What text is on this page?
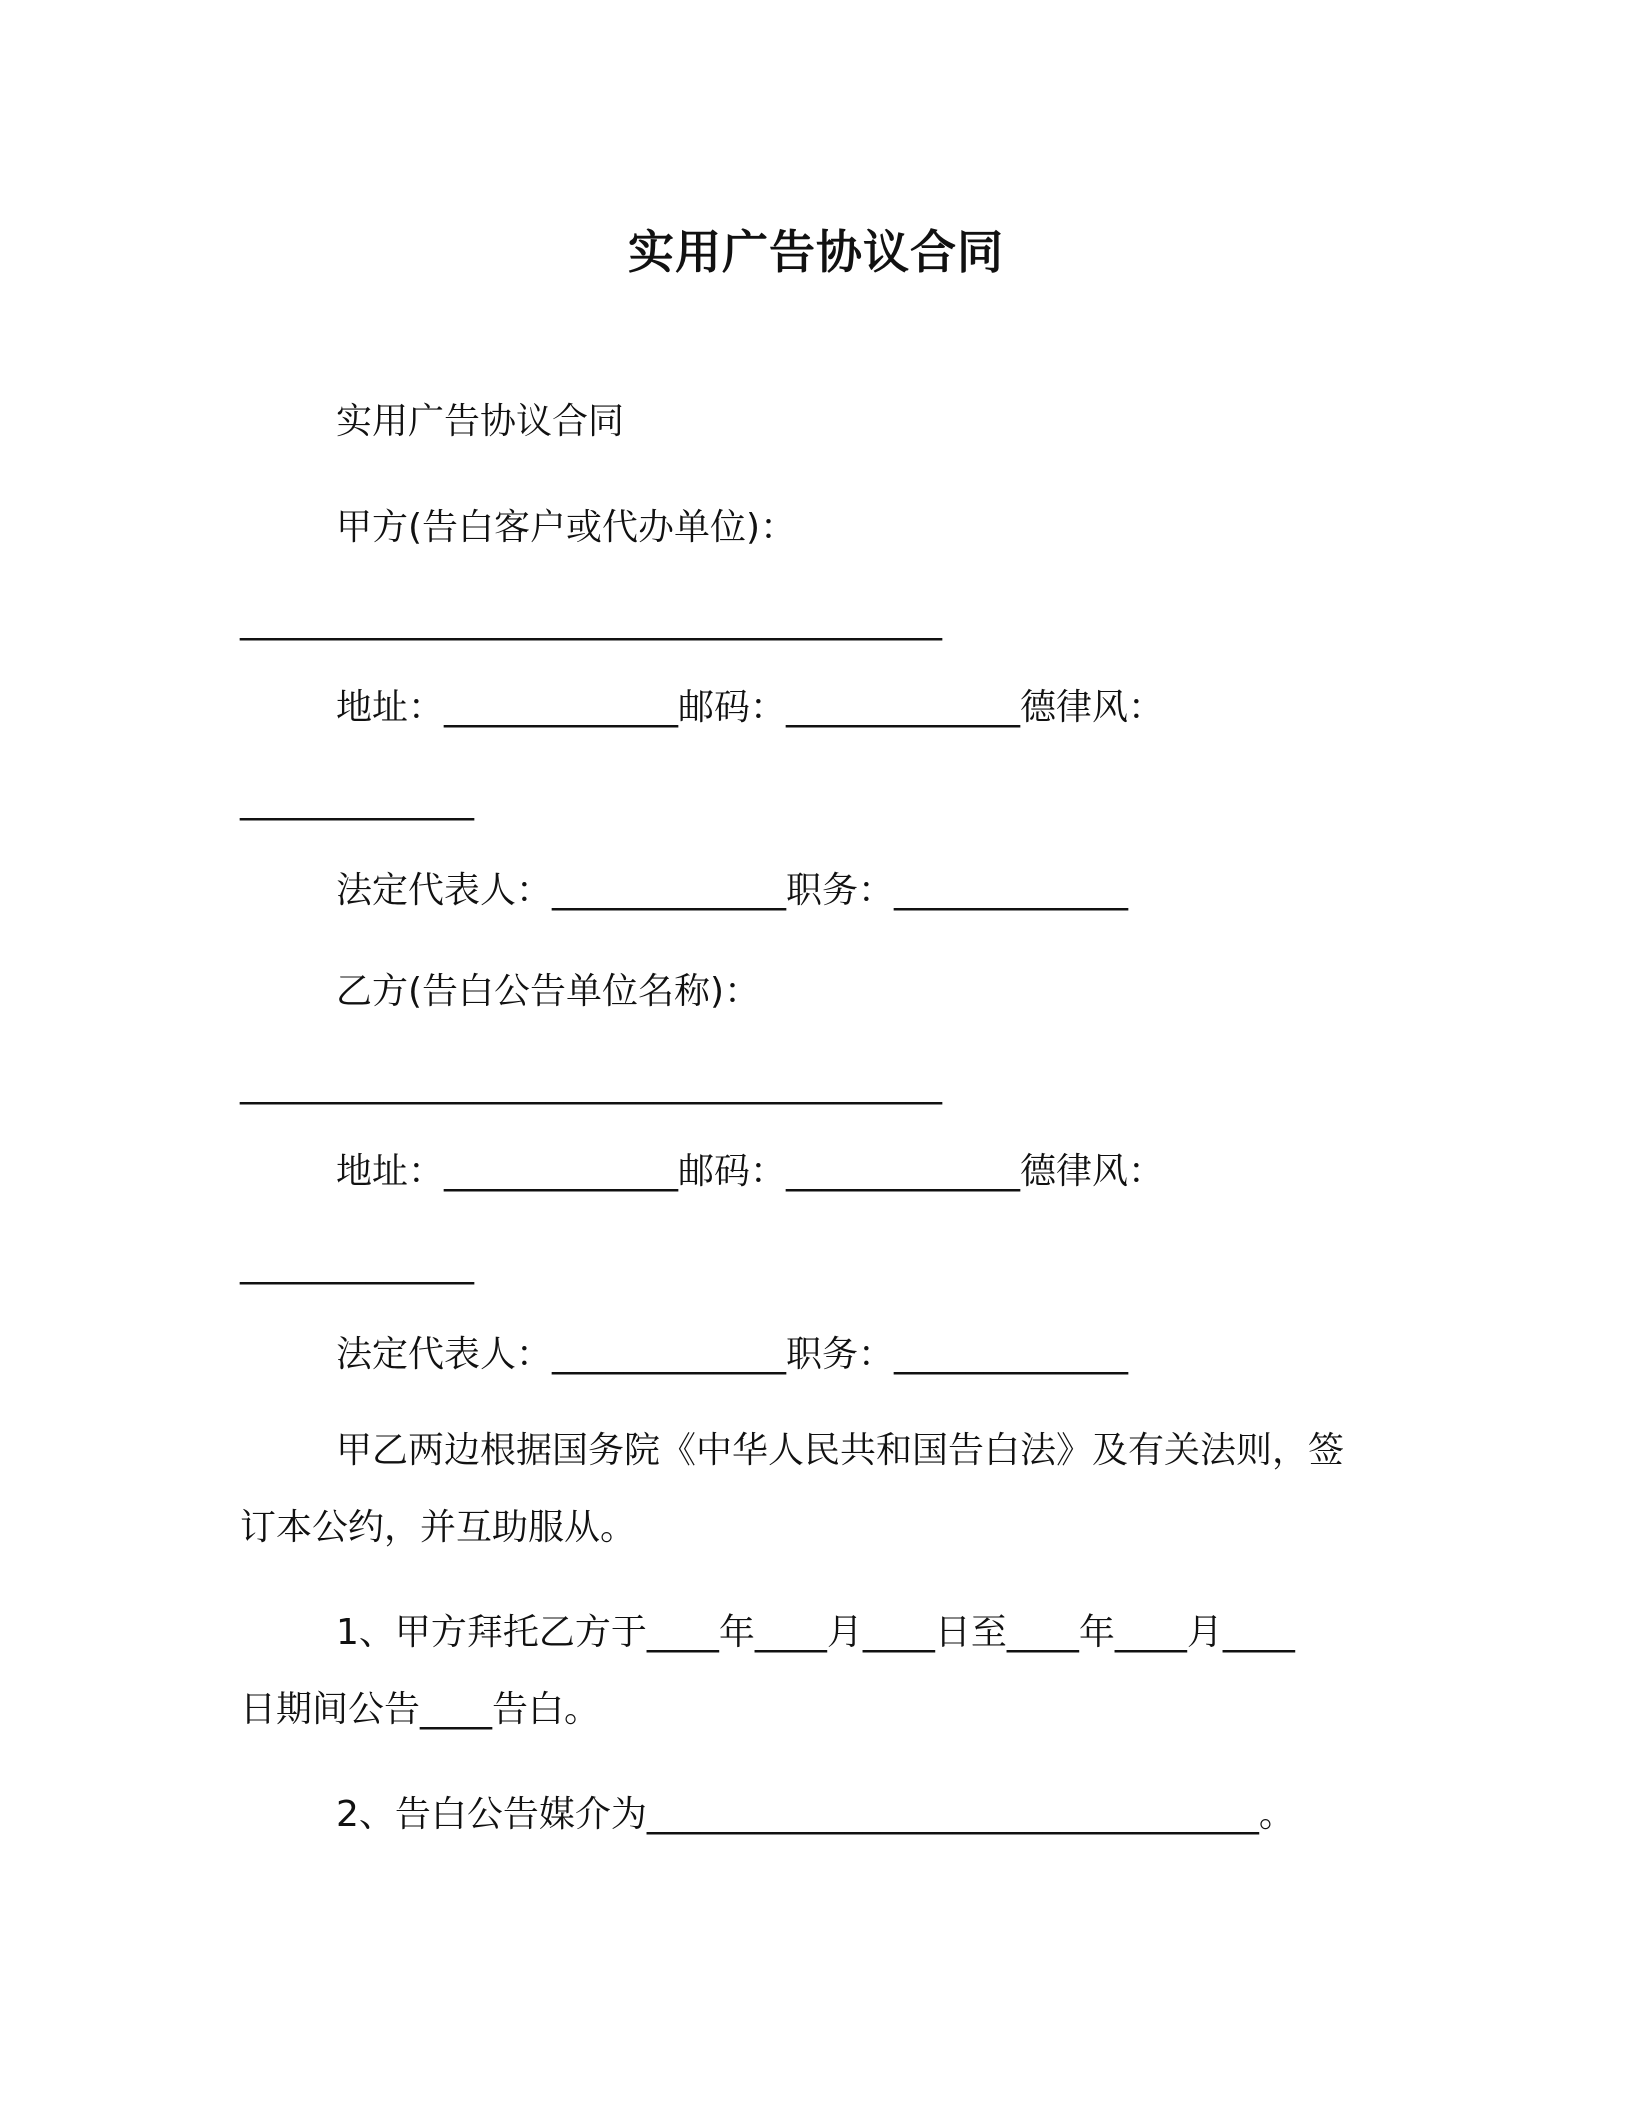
实用广告协议合同
实用广告协议合同
甲方(告白客户或代办单位)：
_______________________________________
地址：_____________邮码：_____________德律风：
_____________
法定代表人：_____________职务：_____________
乙方(告白公告单位名称)：
_______________________________________
地址：_____________邮码：_____________德律风：
_____________
法定代表人：_____________职务：_____________
甲乙两边根据国务院《中华人民共和国告白法》及有关法则，签
订本公约，并互助服从。
1、甲方拜托乙方于____年____月____日至____年____月____
日期间公告____告白。
2、告白公告媒介为__________________________________。
